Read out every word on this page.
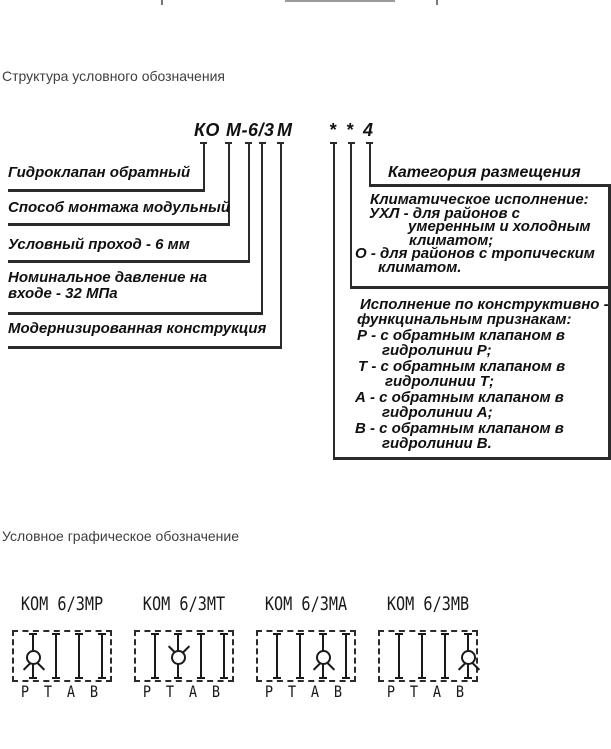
Структура условного обозначения
КО М-6/3 М * * 4
Гидроклапан обратный
Способ монтажа модульный
Условный проход - 6 мм
Номинальное давление на
входе - 32 МПа
Модернизированная конструкция
Категория размещения
Климатическое исполнение:
УХЛ - для районов с
умеренным и холодным
климатом;
О - для районов с тропическим
климатом.
Исполнение по конструктивно -
функцинальным признакам:
Р - с обратным клапаном в
гидролинии Р;
Т - с обратным клапаном в
гидролинии Т;
А - с обратным клапаном в
гидролинии А;
В - с обратным клапаном в
гидролинии В.
Условное графическое обозначение
КОМ 6/3МР
Р Т А В
КОМ 6/3МТ
Р Т А В
КОМ 6/3МА
Р Т А В
КОМ 6/3МВ
Р Т А В
